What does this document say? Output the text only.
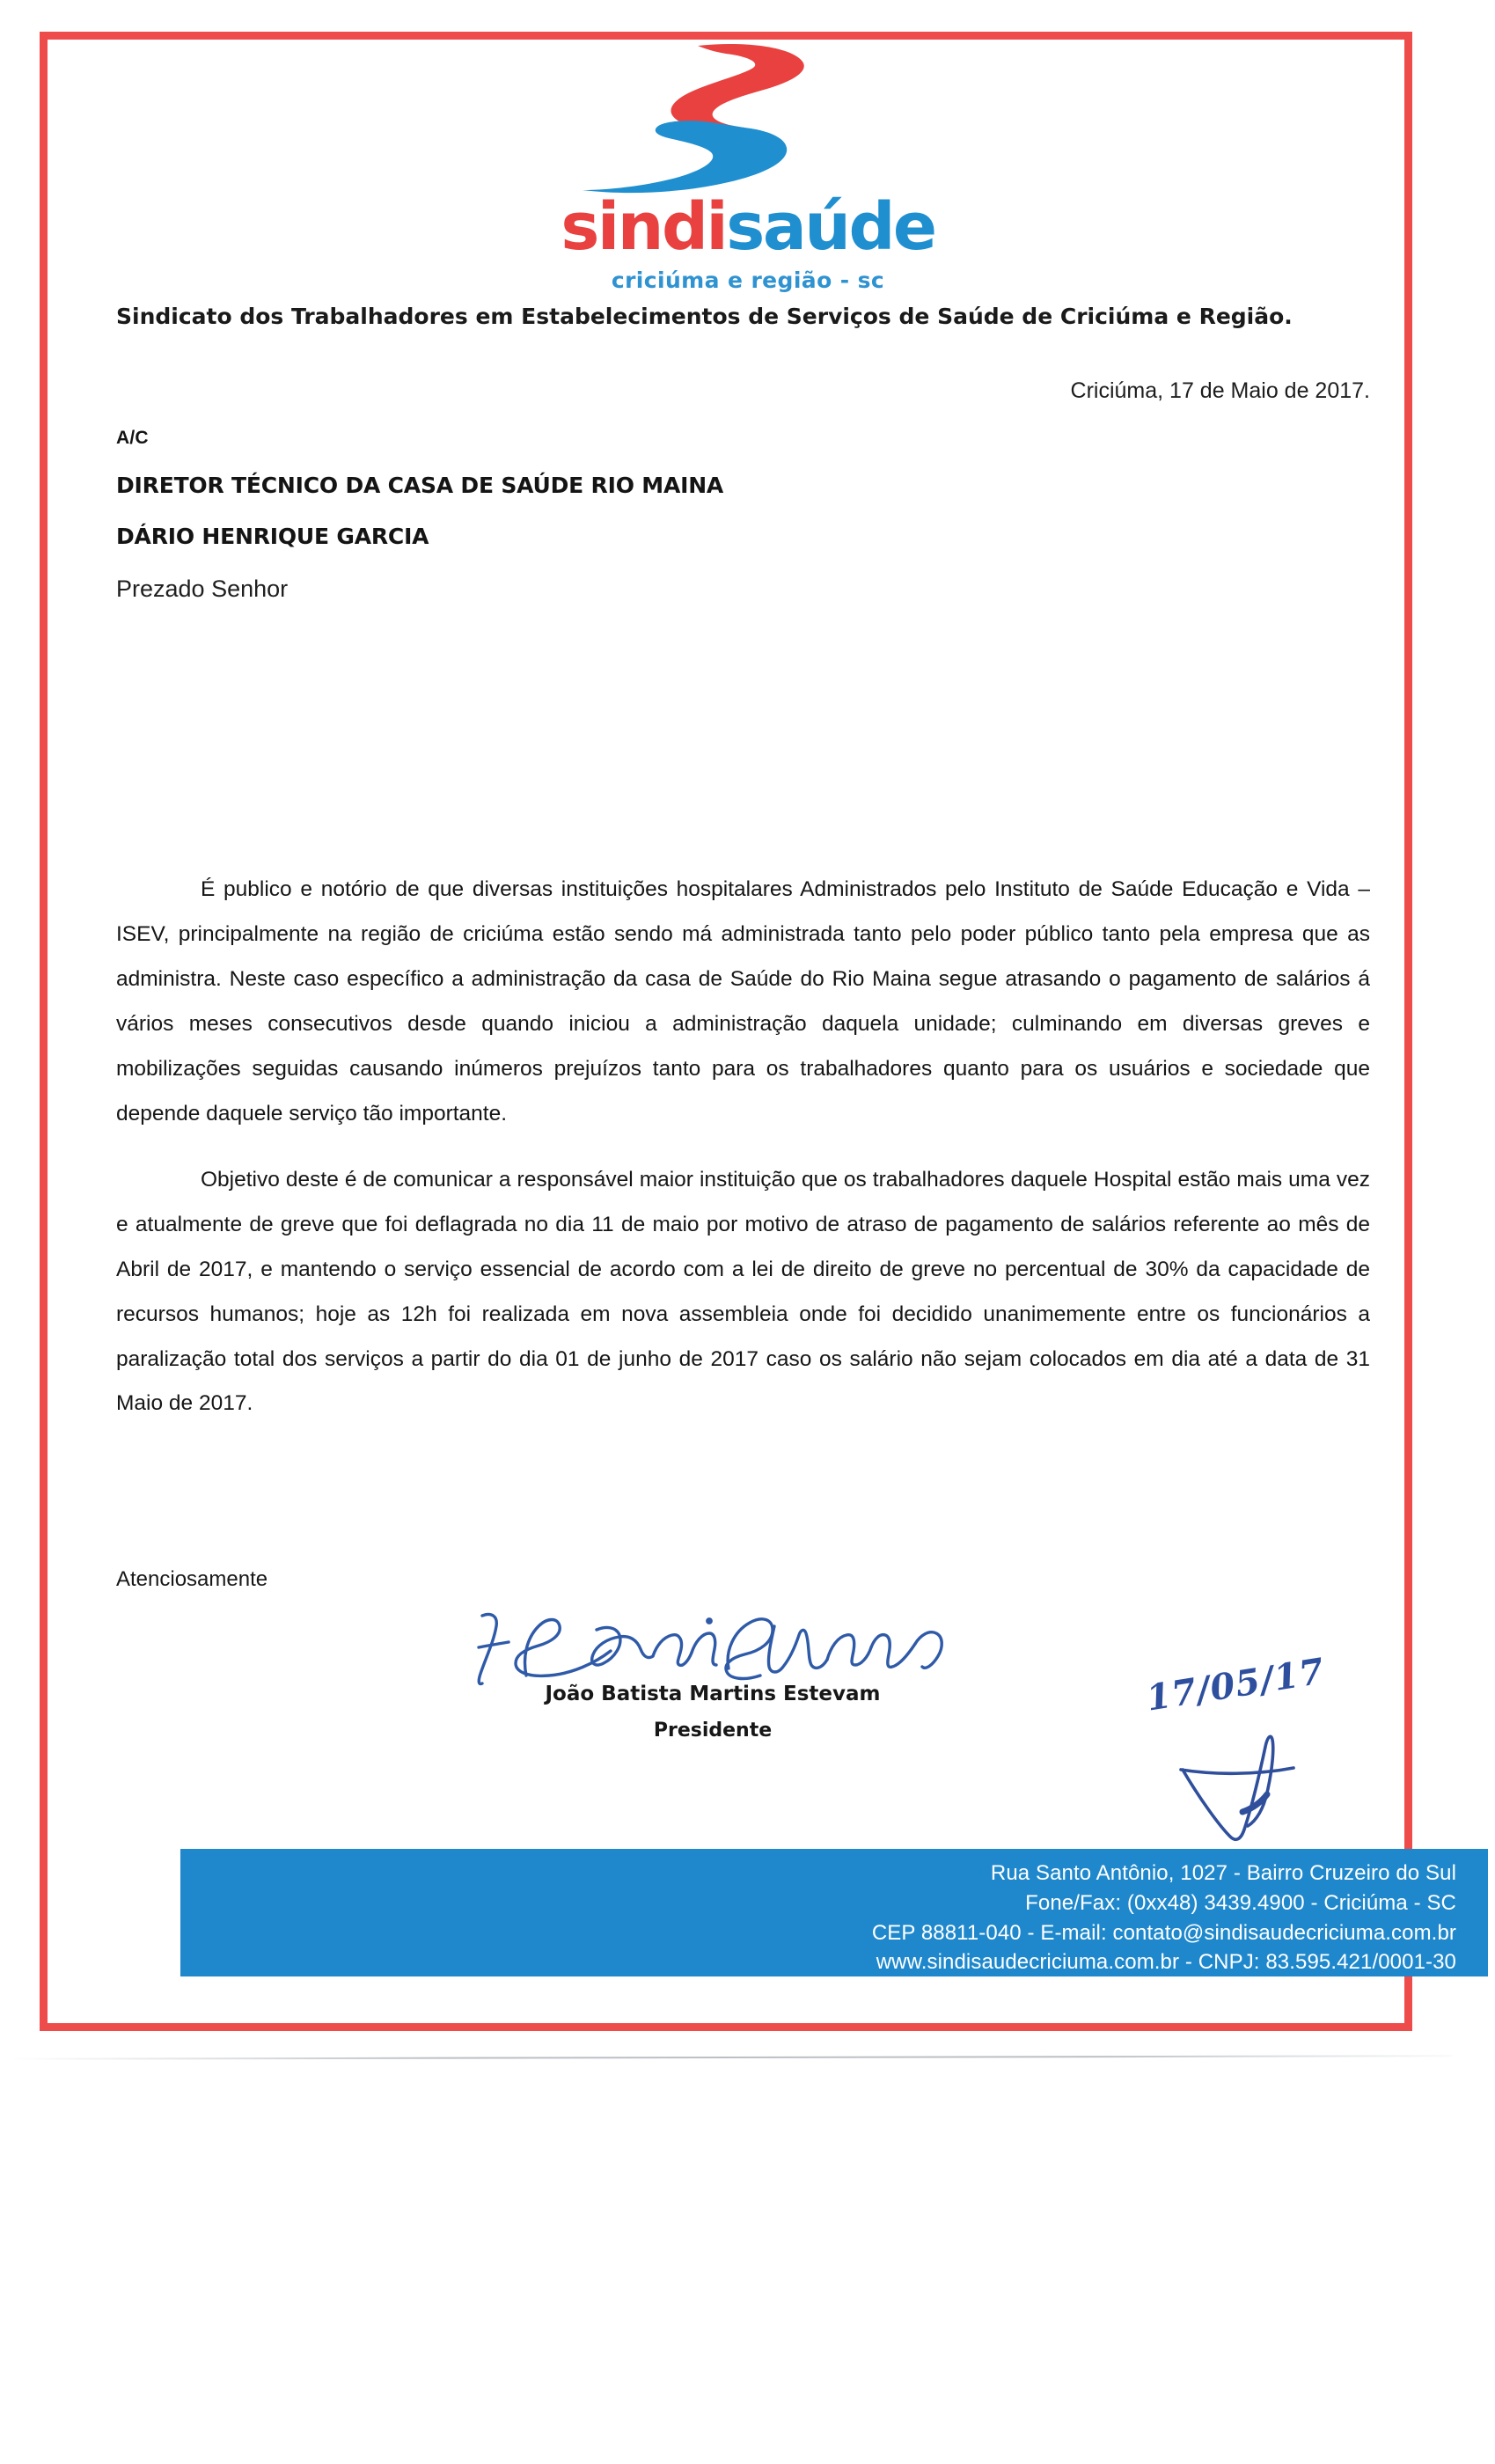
sindisaúde
criciúma e região - sc
Sindicato dos Trabalhadores em Estabelecimentos de Serviços de Saúde de Criciúma e Região.
Criciúma, 17 de Maio de 2017.
A/C
DIRETOR TÉCNICO DA CASA DE SAÚDE RIO MAINA
DÁRIO HENRIQUE GARCIA
Prezado Senhor

É publico e notório de que diversas instituições hospitalares Administrados pelo Instituto de Saúde Educação e Vida – ISEV, principalmente na região de criciúma estão sendo má administrada tanto pelo poder público tanto pela empresa que as administra. Neste caso específico a administração da casa de Saúde do Rio Maina segue atrasando o pagamento de salários á vários meses consecutivos desde quando iniciou a administração daquela unidade; culminando em diversas greves e mobilizações seguidas causando inúmeros prejuízos tanto para os trabalhadores quanto para os usuários e sociedade que depende daquele serviço tão importante.

Objetivo deste é de comunicar a responsável maior instituição que os trabalhadores daquele Hospital estão mais uma vez e atualmente de greve que foi deflagrada no dia 11 de maio por motivo de atraso de pagamento de salários referente ao mês de Abril de 2017, e mantendo o serviço essencial de acordo com a lei de direito de greve no percentual de 30% da capacidade de recursos humanos; hoje as 12h foi realizada em nova assembleia onde foi decidido unanimemente entre os funcionários a paralização total dos serviços a partir do dia 01 de junho de 2017 caso os salário não sejam colocados em dia até a data de 31 Maio de 2017.

Atenciosamente
João Batista Martins Estevam
Presidente
17/05/17
Rua Santo Antônio, 1027 - Bairro Cruzeiro do Sul
Fone/Fax: (0xx48) 3439.4900 - Criciúma - SC
CEP 88811-040 - E-mail: contato@sindisaudecriciuma.com.br
www.sindisaudecriciuma.com.br - CNPJ: 83.595.421/0001-30
